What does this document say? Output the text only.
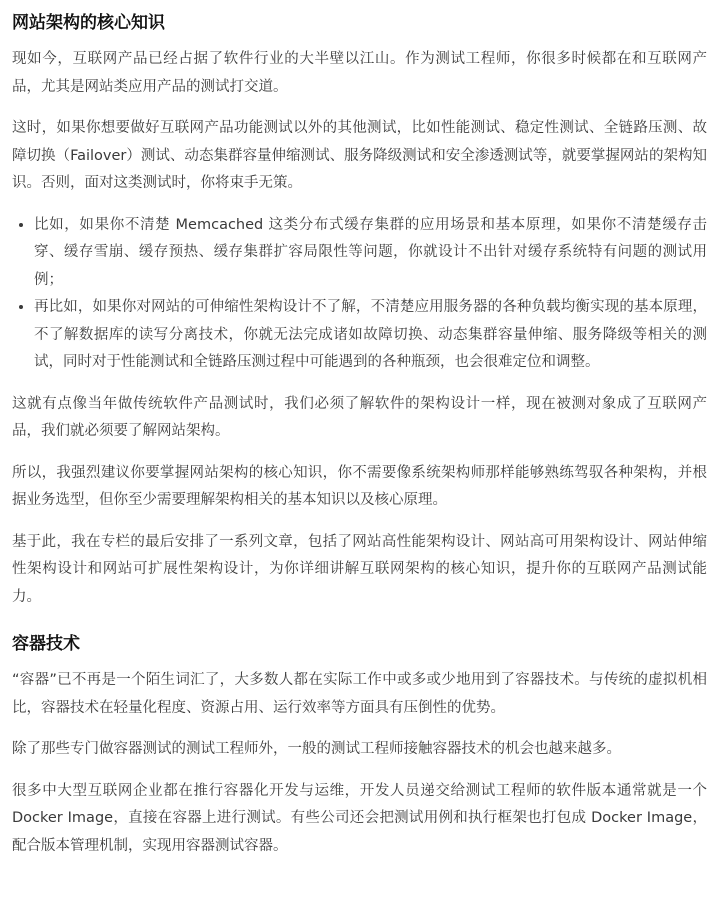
网站架构的核心知识

现如今，互联网产品已经占据了软件行业的大半壁以江山。作为测试工程师，你很多时候都在和互联网产品，尤其是网站类应用产品的测试打交道。

这时，如果你想要做好互联网产品功能测试以外的其他测试，比如性能测试、稳定性测试、全链路压测、故障切换（Failover）测试、动态集群容量伸缩测试、服务降级测试和安全渗透测试等，就要掌握网站的架构知识。否则，面对这类测试时，你将束手无策。

• 比如，如果你不清楚 Memcached 这类分布式缓存集群的应用场景和基本原理，如果你不清楚缓存击穿、缓存雪崩、缓存预热、缓存集群扩容局限性等问题，你就设计不出针对缓存系统特有问题的测试用例；
• 再比如，如果你对网站的可伸缩性架构设计不了解，不清楚应用服务器的各种负载均衡实现的基本原理，不了解数据库的读写分离技术，你就无法完成诸如故障切换、动态集群容量伸缩、服务降级等相关的测试，同时对于性能测试和全链路压测过程中可能遇到的各种瓶颈，也会很难定位和调整。

这就有点像当年做传统软件产品测试时，我们必须了解软件的架构设计一样，现在被测对象成了互联网产品，我们就必须要了解网站架构。

所以，我强烈建议你要掌握网站架构的核心知识，你不需要像系统架构师那样能够熟练驾驭各种架构，并根据业务选型，但你至少需要理解架构相关的基本知识以及核心原理。

基于此，我在专栏的最后安排了一系列文章，包括了网站高性能架构设计、网站高可用架构设计、网站伸缩性架构设计和网站可扩展性架构设计，为你详细讲解互联网架构的核心知识，提升你的互联网产品测试能力。

容器技术

“容器”已不再是一个陌生词汇了，大多数人都在实际工作中或多或少地用到了容器技术。与传统的虚拟机相比，容器技术在轻量化程度、资源占用、运行效率等方面具有压倒性的优势。

除了那些专门做容器测试的测试工程师外，一般的测试工程师接触容器技术的机会也越来越多。

很多中大型互联网企业都在推行容器化开发与运维，开发人员递交给测试工程师的软件版本通常就是一个 Docker Image，直接在容器上进行测试。有些公司还会把测试用例和执行框架也打包成 Docker Image，配合版本管理机制，实现用容器测试容器。
